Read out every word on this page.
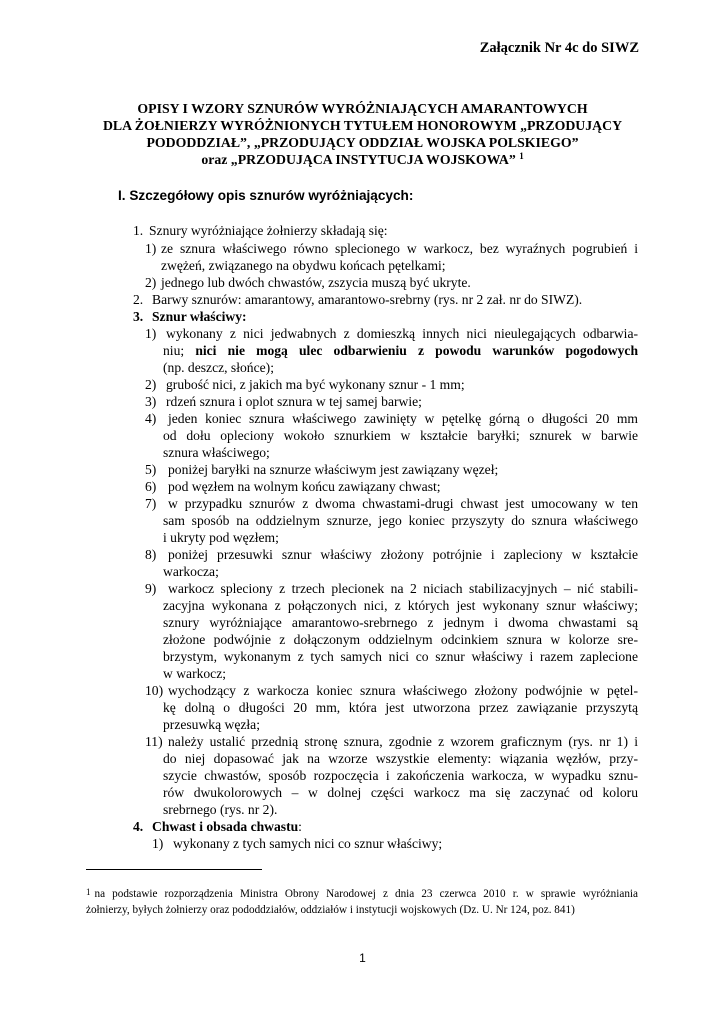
Załącznik Nr 4c do SIWZ
OPISY I WZORY SZNURÓW WYRÓŻNIAJĄCYCH AMARANTOWYCH
DLA ŻOŁNIERZY WYRÓŻNIONYCH TYTUŁEM HONOROWYM „PRZODUJĄCY
PODODDZIAŁ”, „PRZODUJĄCY ODDZIAŁ WOJSKA POLSKIEGO”
oraz „PRZODUJĄCA INSTYTUCJA WOJSKOWA” $^1$
I. Szczegółowy opis sznurów wyróżniających:
1. Sznury wyróżniające żołnierzy składają się:
1) ze sznura właściwego równo splecionego w warkocz, bez wyraźnych pogrubień i
zwężeń, związanego na obydwu końcach pętelkami;
2) jednego lub dwóch chwastów, zszycia muszą być ukryte.
2. Barwy sznurów: amarantowy, amarantowo-srebrny (rys. nr 2 zał. nr do SIWZ).
3. Sznur właściwy:
1) wykonany z nici jedwabnych z domieszką innych nici nieulegających odbarwia-
niu; nici nie mogą ulec odbarwieniu z powodu warunków pogodowych
(np. deszcz, słońce);
2) grubość nici, z jakich ma być wykonany sznur - 1 mm;
3) rdzeń sznura i oplot sznura w tej samej barwie;
4) jeden koniec sznura właściwego zawinięty w pętelkę górną o długości 20 mm
od dołu opleciony wokoło sznurkiem w kształcie baryłki; sznurek w barwie
sznura właściwego;
5) poniżej baryłki na sznurze właściwym jest zawiązany węzeł;
6) pod węzłem na wolnym końcu zawiązany chwast;
7) w przypadku sznurów z dwoma chwastami-drugi chwast jest umocowany w ten
sam sposób na oddzielnym sznurze, jego koniec przyszyty do sznura właściwego
i ukryty pod węzłem;
8) poniżej przesuwki sznur właściwy złożony potrójnie i zapleciony w kształcie
warkocza;
9) warkocz spleciony z trzech plecionek na 2 niciach stabilizacyjnych – nić stabili-
zacyjna wykonana z połączonych nici, z których jest wykonany sznur właściwy;
sznury wyróżniające amarantowo-srebrnego z jednym i dwoma chwastami są
złożone podwójnie z dołączonym oddzielnym odcinkiem sznura w kolorze sre-
brzystym, wykonanym z tych samych nici co sznur właściwy i razem zaplecione
w warkocz;
10) wychodzący z warkocza koniec sznura właściwego złożony podwójnie w pętel-
kę dolną o długości 20 mm, która jest utworzona przez zawiązanie przyszytą
przesuwką węzła;
11) należy ustalić przednią stronę sznura, zgodnie z wzorem graficznym (rys. nr 1) i
do niej dopasować jak na wzorze wszystkie elementy: wiązania węzłów, przy-
szycie chwastów, sposób rozpoczęcia i zakończenia warkocza, w wypadku sznu-
rów dwukolorowych – w dolnej części warkocz ma się zaczynać od koloru
srebrnego (rys. nr 2).
4. Chwast i obsada chwastu:
1) wykonany z tych samych nici co sznur właściwy;
$^1$ na podstawie rozporządzenia Ministra Obrony Narodowej z dnia 23 czerwca 2010 r. w sprawie wyróżniania
żołnierzy, byłych żołnierzy oraz pododdziałów, oddziałów i instytucji wojskowych (Dz. U. Nr 124, poz. 841)
1
